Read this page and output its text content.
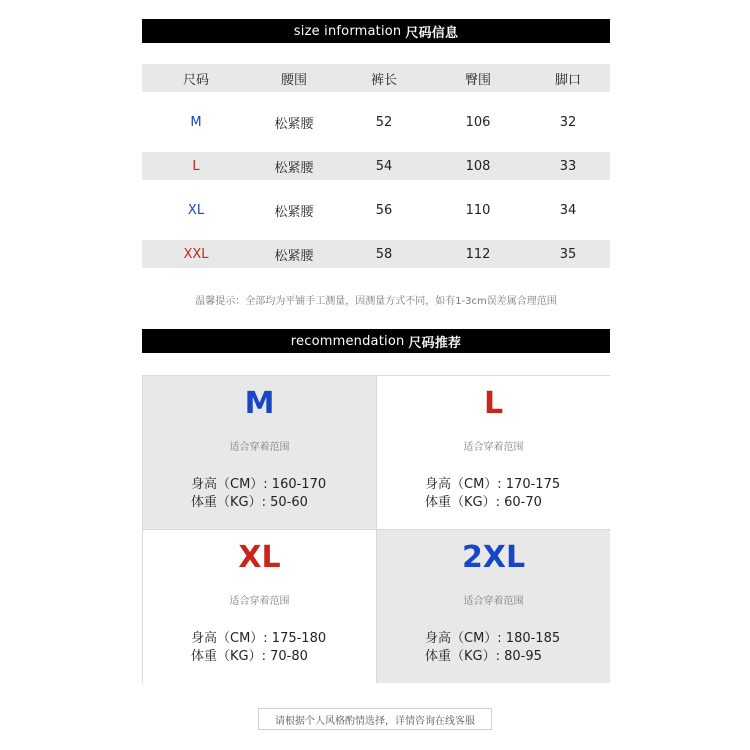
size information 尺码信息
尺码	腰围	裤长	臀围	脚口
M	松紧腰	52	106	32
L	松紧腰	54	108	33
XL	松紧腰	56	110	34
XXL	松紧腰	58	112	35
温馨提示：全部均为平铺手工测量，因测量方式不同，如有1-3cm误差属合理范围
recommendation 尺码推荐
M
适合穿着范围
身高（CM）: 160-170
体重（KG）: 50-60
L
适合穿着范围
身高（CM）: 170-175
体重（KG）: 60-70
XL
适合穿着范围
身高（CM）: 175-180
体重（KG）: 70-80
2XL
适合穿着范围
身高（CM）: 180-185
体重（KG）: 80-95
请根据个人风格酌情选择，详情咨询在线客服
